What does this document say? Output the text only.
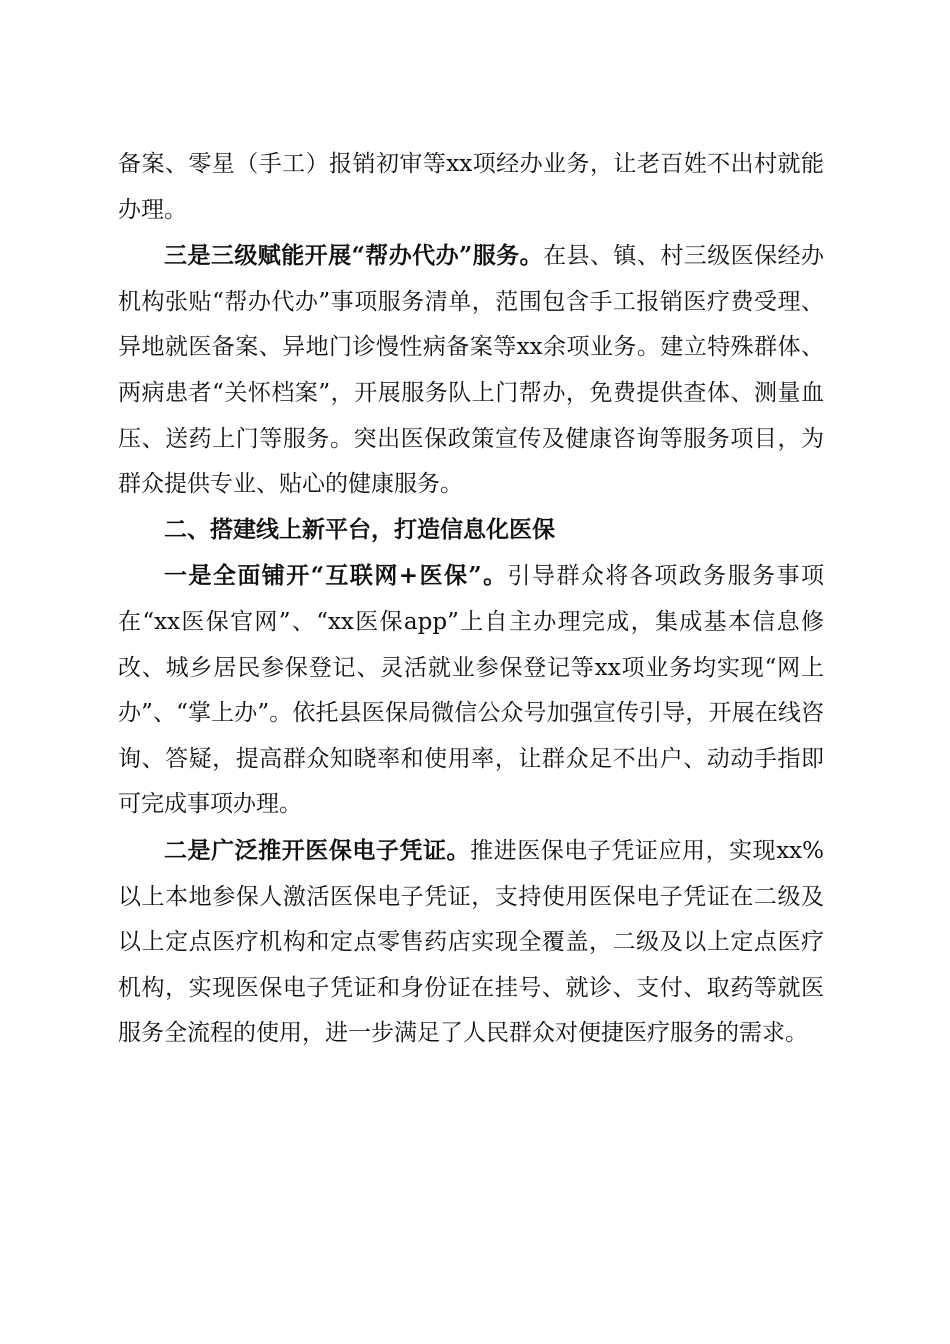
备案、零星（手工）报销初审等xx项经办业务，让老百姓不出村就能办理。

三是三级赋能开展“帮办代办”服务。在县、镇、村三级医保经办机构张贴“帮办代办”事项服务清单，范围包含手工报销医疗费受理、异地就医备案、异地门诊慢性病备案等xx余项业务。建立特殊群体、两病患者“关怀档案”，开展服务队上门帮办，免费提供查体、测量血压、送药上门等服务。突出医保政策宣传及健康咨询等服务项目，为群众提供专业、贴心的健康服务。

二、搭建线上新平台，打造信息化医保

一是全面铺开“互联网+医保”。引导群众将各项政务服务事项在“xx医保官网”、“xx医保app”上自主办理完成，集成基本信息修改、城乡居民参保登记、灵活就业参保登记等xx项业务均实现“网上办”、“掌上办”。依托县医保局微信公众号加强宣传引导，开展在线咨询、答疑，提高群众知晓率和使用率，让群众足不出户、动动手指即可完成事项办理。

二是广泛推开医保电子凭证。推进医保电子凭证应用，实现xx%以上本地参保人激活医保电子凭证，支持使用医保电子凭证在二级及以上定点医疗机构和定点零售药店实现全覆盖，二级及以上定点医疗机构，实现医保电子凭证和身份证在挂号、就诊、支付、取药等就医服务全流程的使用，进一步满足了人民群众对便捷医疗服务的需求。
